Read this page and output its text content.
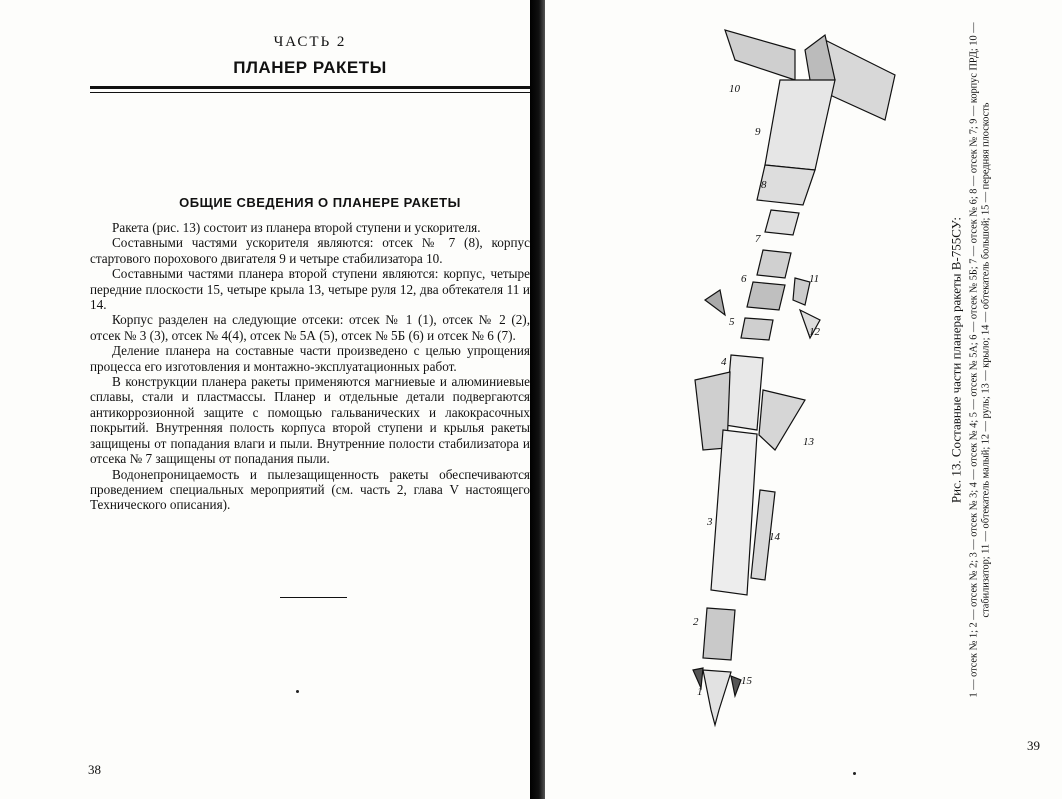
ЧАСТЬ 2
ПЛАНЕР РАКЕТЫ
ОБЩИЕ СВЕДЕНИЯ О ПЛАНЕРЕ РАКЕТЫ

Ракета (рис. 13) состоит из планера второй ступени и ускорителя.

Составными частями ускорителя являются: отсек № 7 (8), корпус стартового порохового двигателя 9 и четыре стабилизатора 10.

Составными частями планера второй ступени являются: корпус, четыре передние плоскости 15, четыре крыла 13, четыре руля 12, два обтекателя 11 и 14.

Корпус разделен на следующие отсеки: отсек № 1 (1), отсек № 2 (2), отсек № 3 (3), отсек № 4(4), отсек № 5А (5), отсек № 5Б (6) и отсек № 6 (7).

Деление планера на составные части произведено с целью упрощения процесса его изготовления и монтажно-эксплуатационных работ.

В конструкции планера ракеты применяются магниевые и алюминиевые сплавы, стали и пластмассы. Планер и отдельные детали подвергаются антикоррозионной защите с помощью гальванических и лакокрасочных покрытий. Внутренняя полость корпуса второй ступени и крылья ракеты защищены от попадания влаги и пыли. Внутренние полости стабилизатора и отсека № 7 защищены от попадания пыли.

Водонепроницаемость и пылезащищенность ракеты обеспечиваются проведением специальных мероприятий (см. часть 2, глава V настоящего Технического описания).

38
1
2
3
4
5
6
7
8
9
10
11
12
13
14
15
Рис. 13. Составные части планера ракеты В-755СУ: 1 — отсек № 1; 2 — отсек № 2; 3 — отсек № 3; 4 — отсек № 4; 5 — отсек № 5А; 6 — отсек № 5Б; 7 — отсек № 6; 8 — отсек № 7; 9 — корпус ПРД; 10 — стабилизатор; 11 — обтекатель малый; 12 — руль; 13 — крыло; 14 — обтекатель большой; 15 — передняя плоскость
39
